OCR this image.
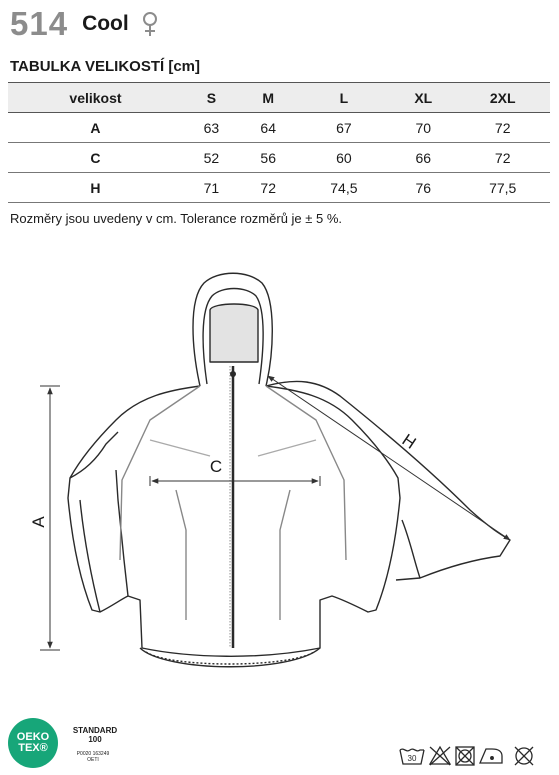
514 Cool
TABULKA VELIKOSTÍ [cm]
velikost	S	M	L	XL	2XL
A	63	64	67	70	72
C	52	56	60	66	72
H	71	72	74,5	76	77,5
Rozměry jsou uvedeny v cm. Tolerance rozměrů je ± 5 %.
A
C
H
OEKO
TEX®
STANDARD
100
P0020 163249
OETI	30
